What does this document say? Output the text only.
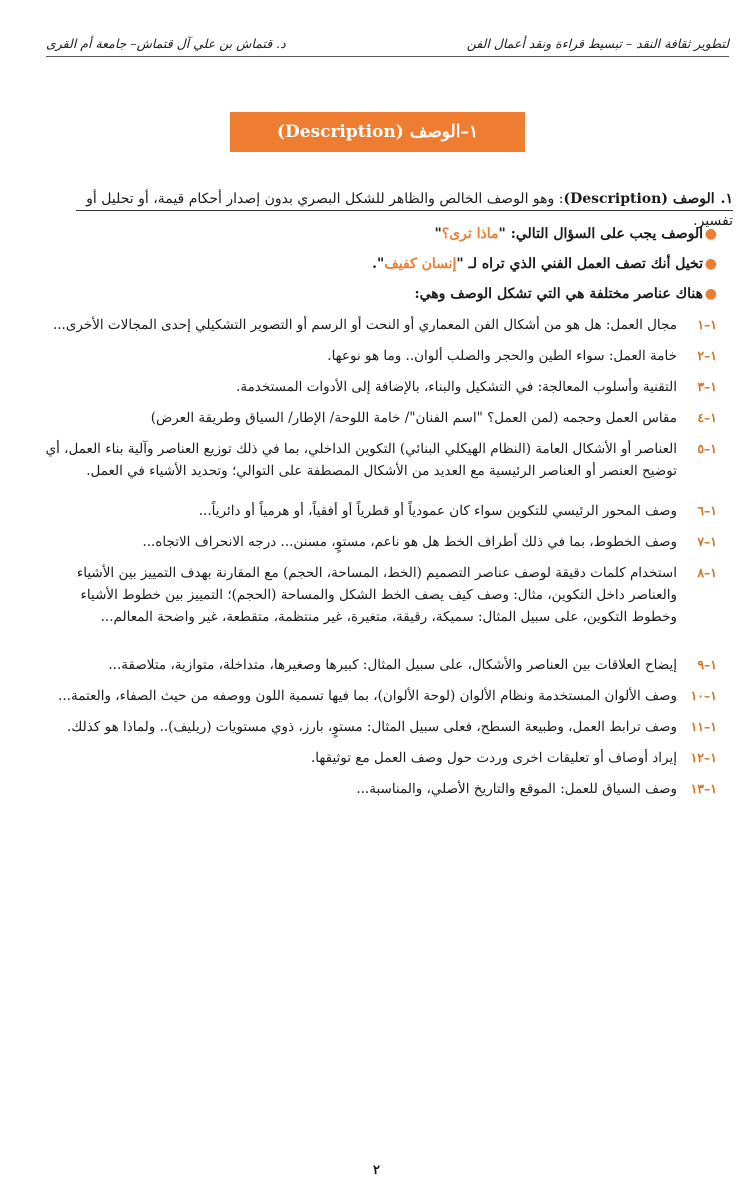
لتطوير ثقافة النقد – تبسيط قراءة ونقد أعمال الفن
د. قتماش بن علي آل قتماش– جامعة أم القرى
١–الوصف (Description)
١.الوصف (Description): وهو الوصف الخالص والظاهر للشكل البصري بدون إصدار أحكام قيمة، أو تحليل أو تفسير.
●
الوصف يجب على السؤال التالي: "ماذا ترى؟"
●
تخيل أنك تصف العمل الفني الذي تراه لـ "إنسان كفيف".
●
هناك عناصر مختلفة هي التي تشكل الوصف وهي:
١–١
مجال العمل: هل هو من أشكال الفن المعماري أو النحت أو الرسم أو التصوير التشكيلي إحدى المجالات الأخرى...
١–٢
خامة العمل: سواء الطين والحجر والصلب ألوان.. وما هو نوعها.
١–٣
التقنية وأسلوب المعالجة: في التشكيل والبناء، بالإضافة إلى الأدوات المستخدمة.
١–٤
مقاس العمل وحجمه (لمن العمل؟ "اسم الفنان"/ خامة اللوحة/ الإطار/ السياق وطريقة العرض)
١–٥
العناصر أو الأشكال العامة (النظام الهيكلي البنائي) التكوين الداخلي، بما في ذلك توزيع العناصر وآلية بناء العمل، أي توضيح العنصر أو العناصر الرئيسية مع العديد من الأشكال المصطفة على التوالي؛ وتحديد الأشياء في العمل.
١–٦
وصف المحور الرئيسي للتكوين سواء كان عمودياً أو قطرياً أو أفقياً، أو هرمياً أو دائرياً...
١–٧
وصف الخطوط، بما في ذلك أطراف الخط هل هو ناعم، مستوٍ، مسنن... درجه الانحراف الاتجاه...
١–٨
استخدام كلمات دقيقة لوصف عناصر التصميم (الخط، المساحة، الحجم) مع المقارنة بهدف التمييز بين الأشياء والعناصر داخل التكوين، مثال: وصف كيف يصف الخط الشكل والمساحة (الحجم)؛ التمييز بين خطوط الأشياء وخطوط التكوين، على سبيل المثال: سميكة، رقيقة، متغيرة، غير منتظمة، متقطعة، غير واضحة المعالم...
١–٩
إيضاح العلاقات بين العناصر والأشكال، على سبيل المثال: كبيرها وصغيرها، متداخلة، متوازية، متلاصقة...
١–١٠
وصف الألوان المستخدمة ونظام الألوان (لوحة الألوان)، بما فيها تسمية اللون ووصفه من حيث الصفاء، والعتمة...
١–١١
وصف ترابط العمل، وطبيعة السطح، فعلى سبيل المثال: مستوٍ، بارز، ذوي مستويات (ريليف).. ولماذا هو كذلك.
١–١٢
إيراد أوصاف أو تعليقات اخرى وردت حول وصف العمل مع توثيقها.
١–١٣
وصف السياق للعمل: الموقع والتاريخ الأصلي، والمناسبة...
٢
